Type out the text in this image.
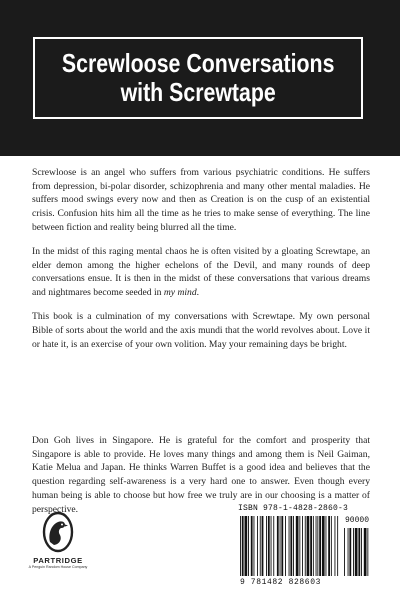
Screwloose Conversations
with Screwtape

Screwloose is an angel who suffers from various psychiatric conditions. He suffers from depression, bi-polar disorder, schizophrenia and many other mental maladies. He suffers mood swings every now and then as Creation is on the cusp of an existential crisis. Confusion hits him all the time as he tries to make sense of everything. The line between fiction and reality being blurred all the time.

In the midst of this raging mental chaos he is often visited by a gloating Screwtape, an elder demon among the higher echelons of the Devil, and many rounds of deep conversations ensue. It is then in the midst of these conversations that various dreams and nightmares become seeded in my mind.

This book is a culmination of my conversations with Screwtape. My own personal Bible of sorts about the world and the axis mundi that the world revolves about. Love it or hate it, is an exercise of your own volition. May your remaining days be bright.

Don Goh lives in Singapore. He is grateful for the comfort and prosperity that Singapore is able to provide. He loves many things and among them is Neil Gaiman, Katie Melua and Japan. He thinks Warren Buffet is a good idea and believes that the question regarding self-awareness is a very hard one to answer. Even though every human being is able to choose but how free we truly are in our choosing is a matter of perspective.

PARTRIDGE
A Penguin Random House Company
ISBN 978-1-4828-2860-3
9 781482 828603
90000
